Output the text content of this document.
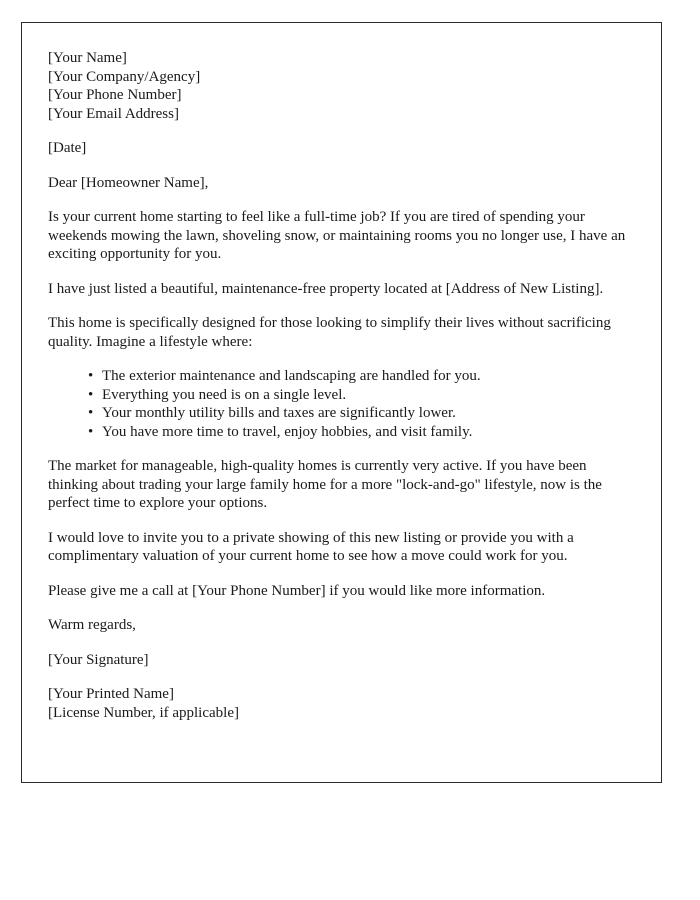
[Your Name]
[Your Company/Agency]
[Your Phone Number]
[Your Email Address]
[Date]
Dear [Homeowner Name],

Is your current home starting to feel like a full-time job? If you are tired of spending your weekends mowing the lawn, shoveling snow, or maintaining rooms you no longer use, I have an exciting opportunity for you.

I have just listed a beautiful, maintenance-free property located at [Address of New Listing].

This home is specifically designed for those looking to simplify their lives without sacrificing quality. Imagine a lifestyle where:

• The exterior maintenance and landscaping are handled for you.
• Everything you need is on a single level.
• Your monthly utility bills and taxes are significantly lower.
• You have more time to travel, enjoy hobbies, and visit family.

The market for manageable, high-quality homes is currently very active. If you have been thinking about trading your large family home for a more "lock-and-go" lifestyle, now is the perfect time to explore your options.

I would love to invite you to a private showing of this new listing or provide you with a complimentary valuation of your current home to see how a move could work for you.

Please give me a call at [Your Phone Number] if you would like more information.

Warm regards,
[Your Signature]
[Your Printed Name]
[License Number, if applicable]
